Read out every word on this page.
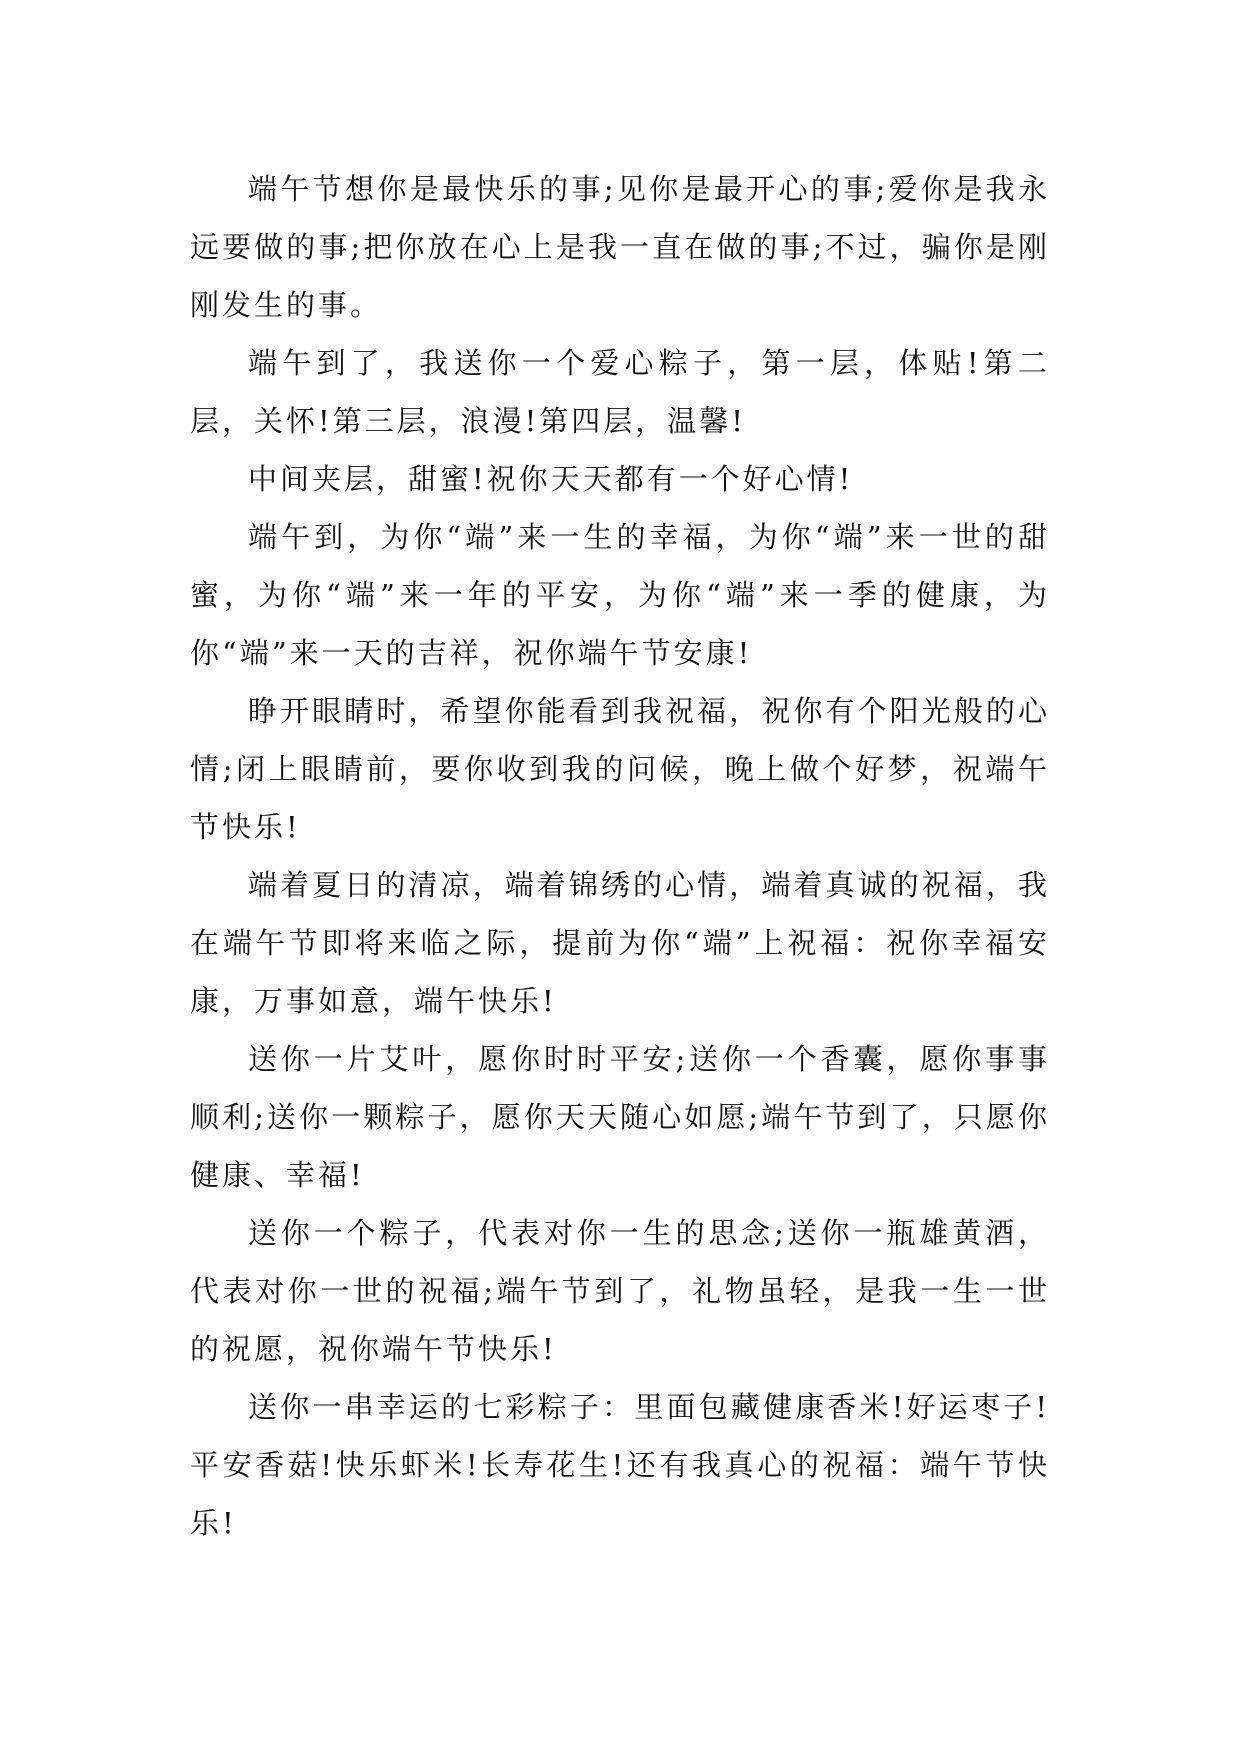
端午节想你是最快乐的事;见你是最开心的事;爱你是我永远要做的事;把你放在心上是我一直在做的事;不过，骗你是刚刚发生的事。

端午到了，我送你一个爱心粽子，第一层，体贴!第二层，关怀!第三层，浪漫!第四层，温馨!

中间夹层，甜蜜!祝你天天都有一个好心情!

端午到，为你“端”来一生的幸福，为你“端”来一世的甜蜜，为你“端”来一年的平安，为你“端”来一季的健康，为你“端”来一天的吉祥，祝你端午节安康!

睁开眼睛时，希望你能看到我祝福，祝你有个阳光般的心情;闭上眼睛前，要你收到我的问候，晚上做个好梦，祝端午节快乐!

端着夏日的清凉，端着锦绣的心情，端着真诚的祝福，我在端午节即将来临之际，提前为你“端”上祝福：祝你幸福安康，万事如意，端午快乐!

送你一片艾叶，愿你时时平安;送你一个香囊，愿你事事顺利;送你一颗粽子，愿你天天随心如愿;端午节到了，只愿你健康、幸福!

送你一个粽子，代表对你一生的思念;送你一瓶雄黄酒，代表对你一世的祝福;端午节到了，礼物虽轻，是我一生一世的祝愿，祝你端午节快乐!

送你一串幸运的七彩粽子：里面包藏健康香米!好运枣子!平安香菇!快乐虾米!长寿花生!还有我真心的祝福：端午节快乐!
